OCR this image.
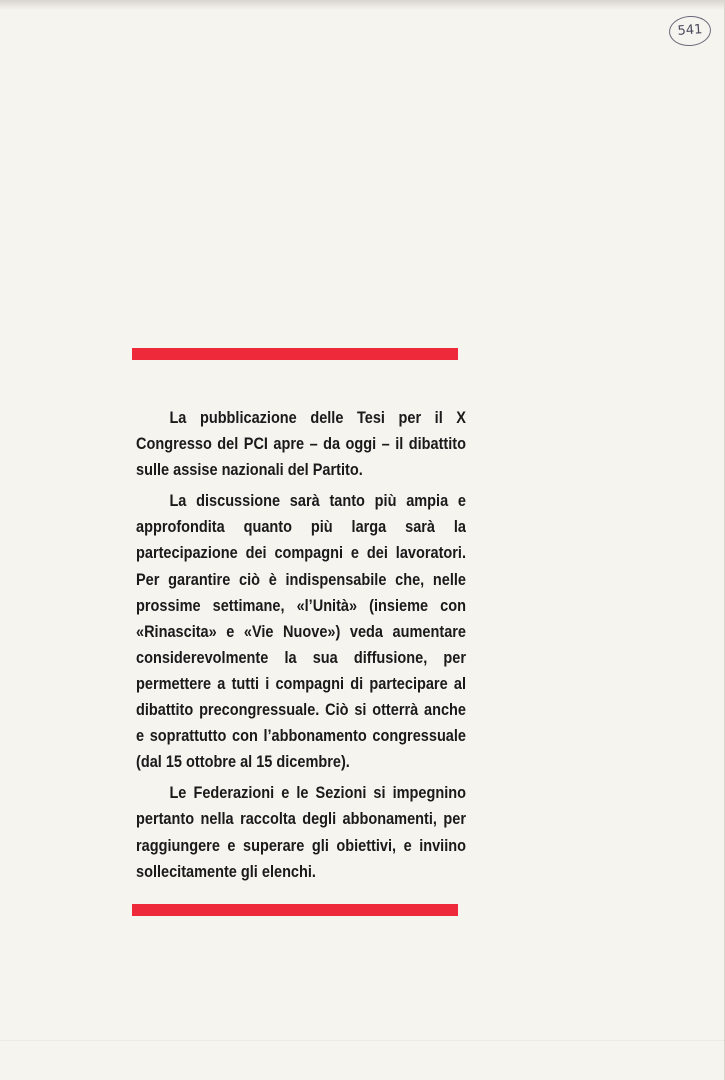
541

La pubblicazione delle Tesi per il X Congresso del PCI apre – da oggi – il dibattito sulle assise nazionali del Partito.

La discussione sarà tanto più ampia e approfondita quanto più larga sarà la partecipazione dei compagni e dei lavoratori. Per garantire ciò è indispensabile che, nelle prossime settimane, «l’Unità» (insieme con «Rinascita» e «Vie Nuove») veda aumentare considerevolmente la sua diffusione, per permettere a tutti i compagni di partecipare al dibattito precongressuale. Ciò si otterrà anche e soprattutto con l’abbonamento congressuale (dal 15 ottobre al 15 dicembre).

Le Federazioni e le Sezioni si impegnino pertanto nella raccolta degli abbonamenti, per raggiungere e superare gli obiettivi, e inviino sollecitamente gli elenchi.
